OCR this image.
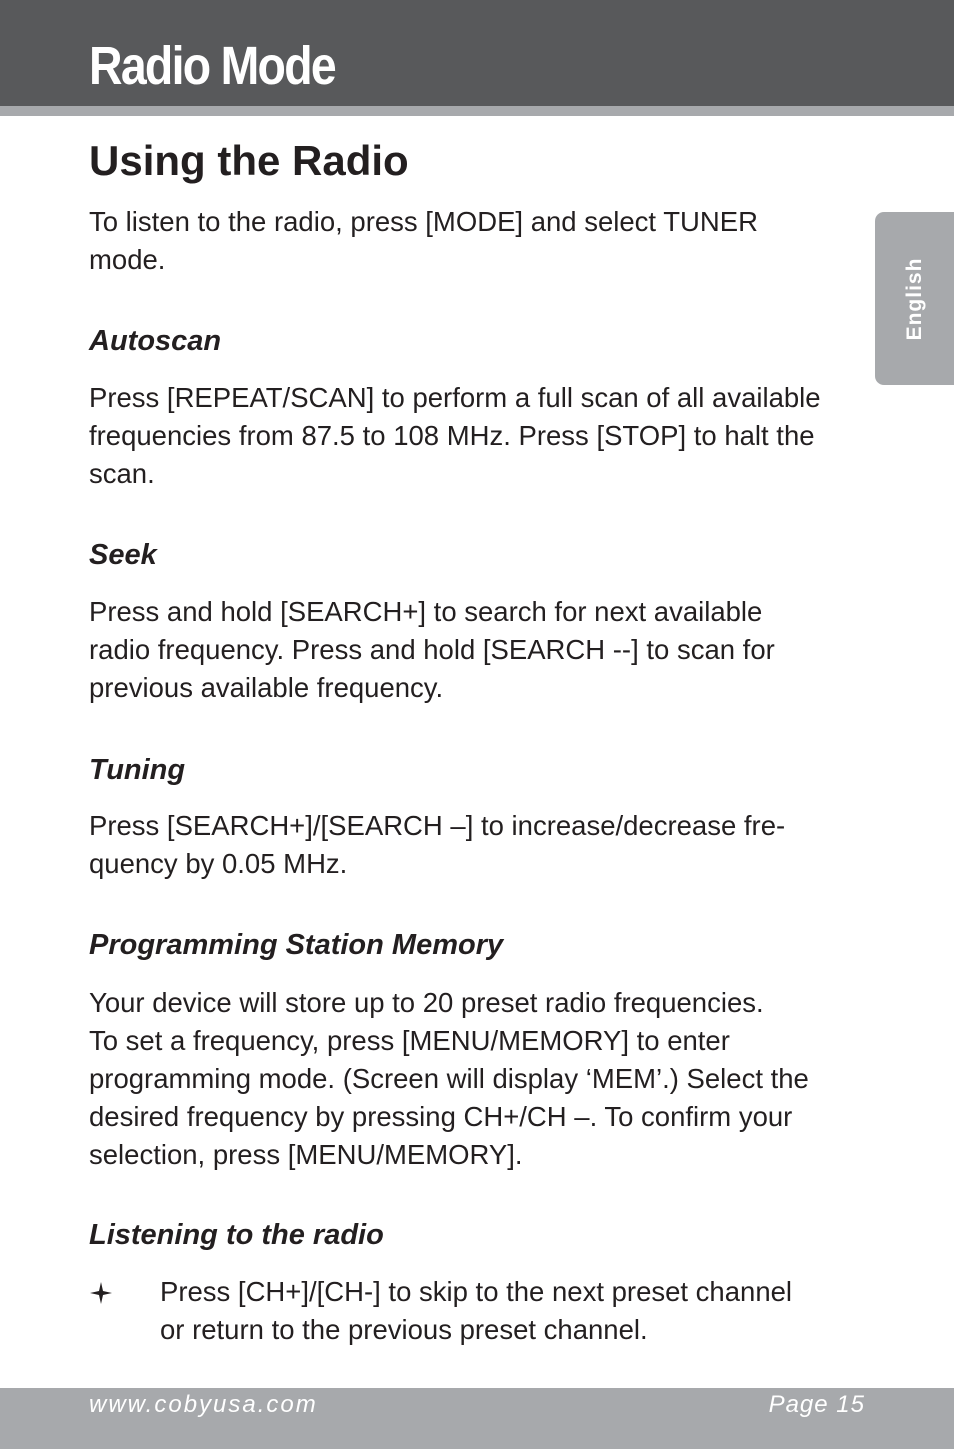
Radio Mode
English
Using the Radio

To listen to the radio, press [MODE] and select TUNER
mode.

Autoscan

Press [REPEAT/SCAN] to perform a full scan of all available
frequencies from 87.5 to 108 MHz. Press [STOP] to halt the
scan.

Seek

Press and hold [SEARCH+] to search for next available
radio frequency. Press and hold [SEARCH --] to scan for
previous available frequency.

Tuning

Press [SEARCH+]/[SEARCH –] to increase/decrease fre-
quency by 0.05 MHz.

Programming Station Memory

Your device will store up to 20 preset radio frequencies.
To set a frequency, press [MENU/MEMORY] to enter
programming mode. (Screen will display ‘MEM’.) Select the
desired frequency by pressing CH+/CH –. To confirm your
selection, press [MENU/MEMORY].

Listening to the radio
Press [CH+]/[CH-] to skip to the next preset channel
or return to the previous preset channel.
www.cobyusa.com	Page 15
